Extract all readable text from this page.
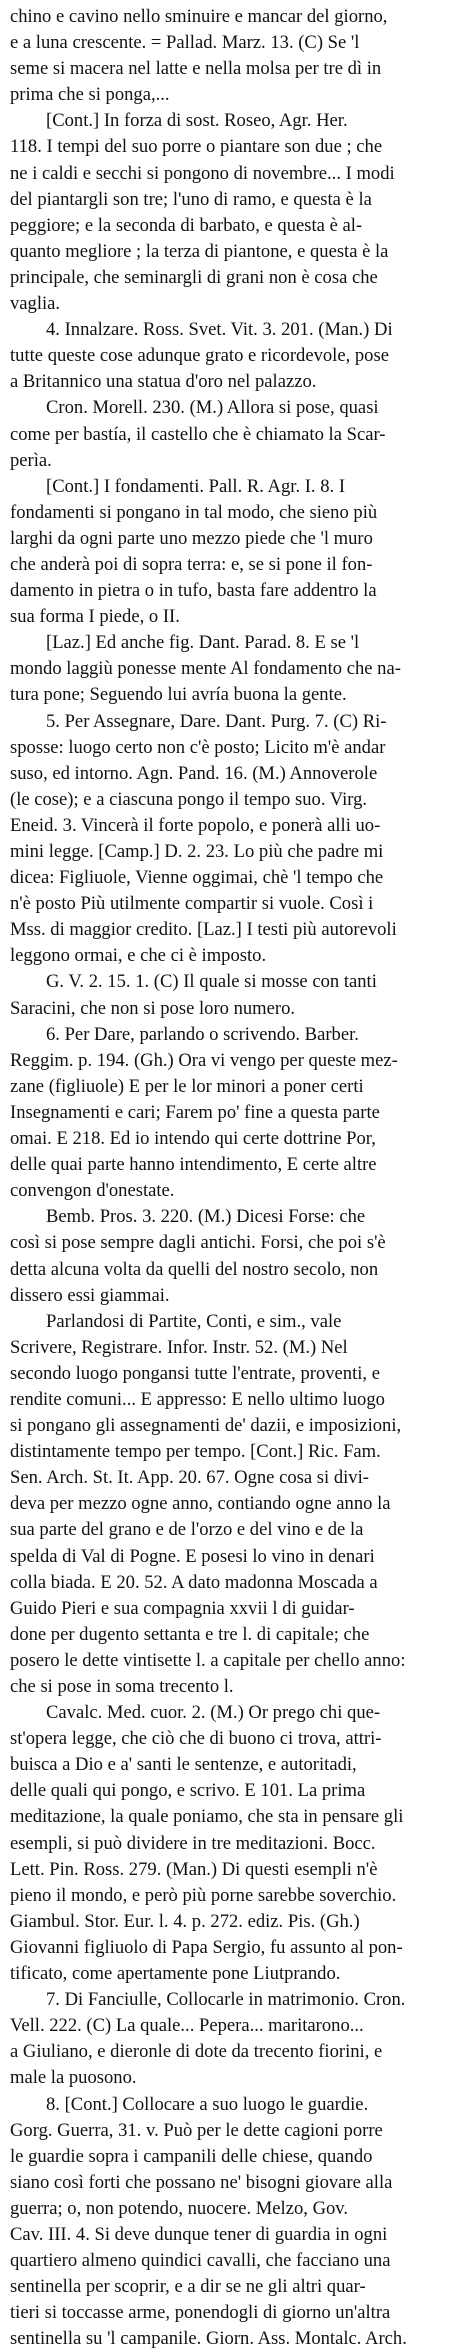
chino e cavino nello sminuire e mancar del giorno,
e a luna crescente. = Pallad. Marz. 13. (C) Se 'l
seme si macera nel latte e nella molsa per tre dì in
prima che si ponga,...
[Cont.] In forza di sost. Roseo, Agr. Her.
118. I tempi del suo porre o piantare son due ; che
ne i caldi e secchi si pongono di novembre... I modi
del piantargli son tre; l'uno di ramo, e questa è la
peggiore; e la seconda di barbato, e questa è al-
quanto megliore ; la terza di piantone, e questa è la
principale, che seminargli di grani non è cosa che
vaglia.
4. Innalzare. Ross. Svet. Vit. 3. 201. (Man.) Di
tutte queste cose adunque grato e ricordevole, pose
a Britannico una statua d'oro nel palazzo.
Cron. Morell. 230. (M.) Allora si pose, quasi
come per bastía, il castello che è chiamato la Scar-
perìa.
[Cont.] I fondamenti. Pall. R. Agr. I. 8. I
fondamenti si pongano in tal modo, che sieno più
larghi da ogni parte uno mezzo piede che 'l muro
che anderà poi di sopra terra: e, se si pone il fon-
damento in pietra o in tufo, basta fare addentro la
sua forma I piede, o II.
[Laz.] Ed anche fig. Dant. Parad. 8. E se 'l
mondo laggiù ponesse mente Al fondamento che na-
tura pone; Seguendo lui avría buona la gente.
5. Per Assegnare, Dare. Dant. Purg. 7. (C) Ri-
sposse: luogo certo non c'è posto; Licito m'è andar
suso, ed intorno. Agn. Pand. 16. (M.) Annoverole
(le cose); e a ciascuna pongo il tempo suo. Virg.
Eneid. 3. Vincerà il forte popolo, e ponerà alli uo-
mini legge. [Camp.] D. 2. 23. Lo più che padre mi
dicea: Figliuole, Vienne oggimai, chè 'l tempo che
n'è posto Più utilmente compartir si vuole. Così i
Mss. di maggior credito. [Laz.] I testi più autorevoli
leggono ormai, e che ci è imposto.
G. V. 2. 15. 1. (C) Il quale si mosse con tanti
Saracini, che non si pose loro numero.
6. Per Dare, parlando o scrivendo. Barber.
Reggim. p. 194. (Gh.) Ora vi vengo per queste mez-
zane (figliuole) E per le lor minori a poner certi
Insegnamenti e cari; Farem po' fine a questa parte
omai. E 218. Ed io intendo qui certe dottrine Por,
delle quai parte hanno intendimento, E certe altre
convengon d'onestate.
Bemb. Pros. 3. 220. (M.) Dicesi Forse: che
così si pose sempre dagli antichi. Forsi, che poi s'è
detta alcuna volta da quelli del nostro secolo, non
dissero essi giammai.
Parlandosi di Partite, Conti, e sim., vale
Scrivere, Registrare. Infor. Instr. 52. (M.) Nel
secondo luogo pongansi tutte l'entrate, proventi, e
rendite comuni... E appresso: E nello ultimo luogo
si pongano gli assegnamenti de' dazii, e imposizioni,
distintamente tempo per tempo. [Cont.] Ric. Fam.
Sen. Arch. St. It. App. 20. 67. Ogne cosa si divi-
deva per mezzo ogne anno, contiando ogne anno la
sua parte del grano e de l'orzo e del vino e de la
spelda di Val di Pogne. E posesi lo vino in denari
colla biada. E 20. 52. A dato madonna Moscada a
Guido Pieri e sua compagnia xxvii l di guidar-
done per dugento settanta e tre l. di capitale; che
posero le dette vintisette l. a capitale per chello anno:
che si pose in soma trecento l.
Cavalc. Med. cuor. 2. (M.) Or prego chi que-
st'opera legge, che ciò che di buono ci trova, attri-
buisca a Dio e a' santi le sentenze, e autoritadi,
delle quali qui pongo, e scrivo. E 101. La prima
meditazione, la quale poniamo, che sta in pensare gli
esempli, si può dividere in tre meditazioni. Bocc.
Lett. Pin. Ross. 279. (Man.) Di questi esempli n'è
pieno il mondo, e però più porne sarebbe soverchio.
Giambul. Stor. Eur. l. 4. p. 272. ediz. Pis. (Gh.)
Giovanni figliuolo di Papa Sergio, fu assunto al pon-
tificato, come apertamente pone Liutprando.
7. Di Fanciulle, Collocarle in matrimonio. Cron.
Vell. 222. (C) La quale... Pepera... maritarono...
a Giuliano, e dieronle di dote da trecento fiorini, e
male la puosono.
8. [Cont.] Collocare a suo luogo le guardie.
Gorg. Guerra, 31. v. Può per le dette cagioni porre
le guardie sopra i campanili delle chiese, quando
siano così forti che possano ne' bisogni giovare alla
guerra; o, non potendo, nuocere. Melzo, Gov.
Cav. III. 4. Si deve dunque tener di guardia in ogni
quartiero almeno quindici cavalli, che facciano una
sentinella per scoprir, e a dir se ne gli altri quar-
tieri si toccasse arme, ponendogli di giorno un'altra
sentinella su 'l campanile. Giorn. Ass. Montalc. Arch.
